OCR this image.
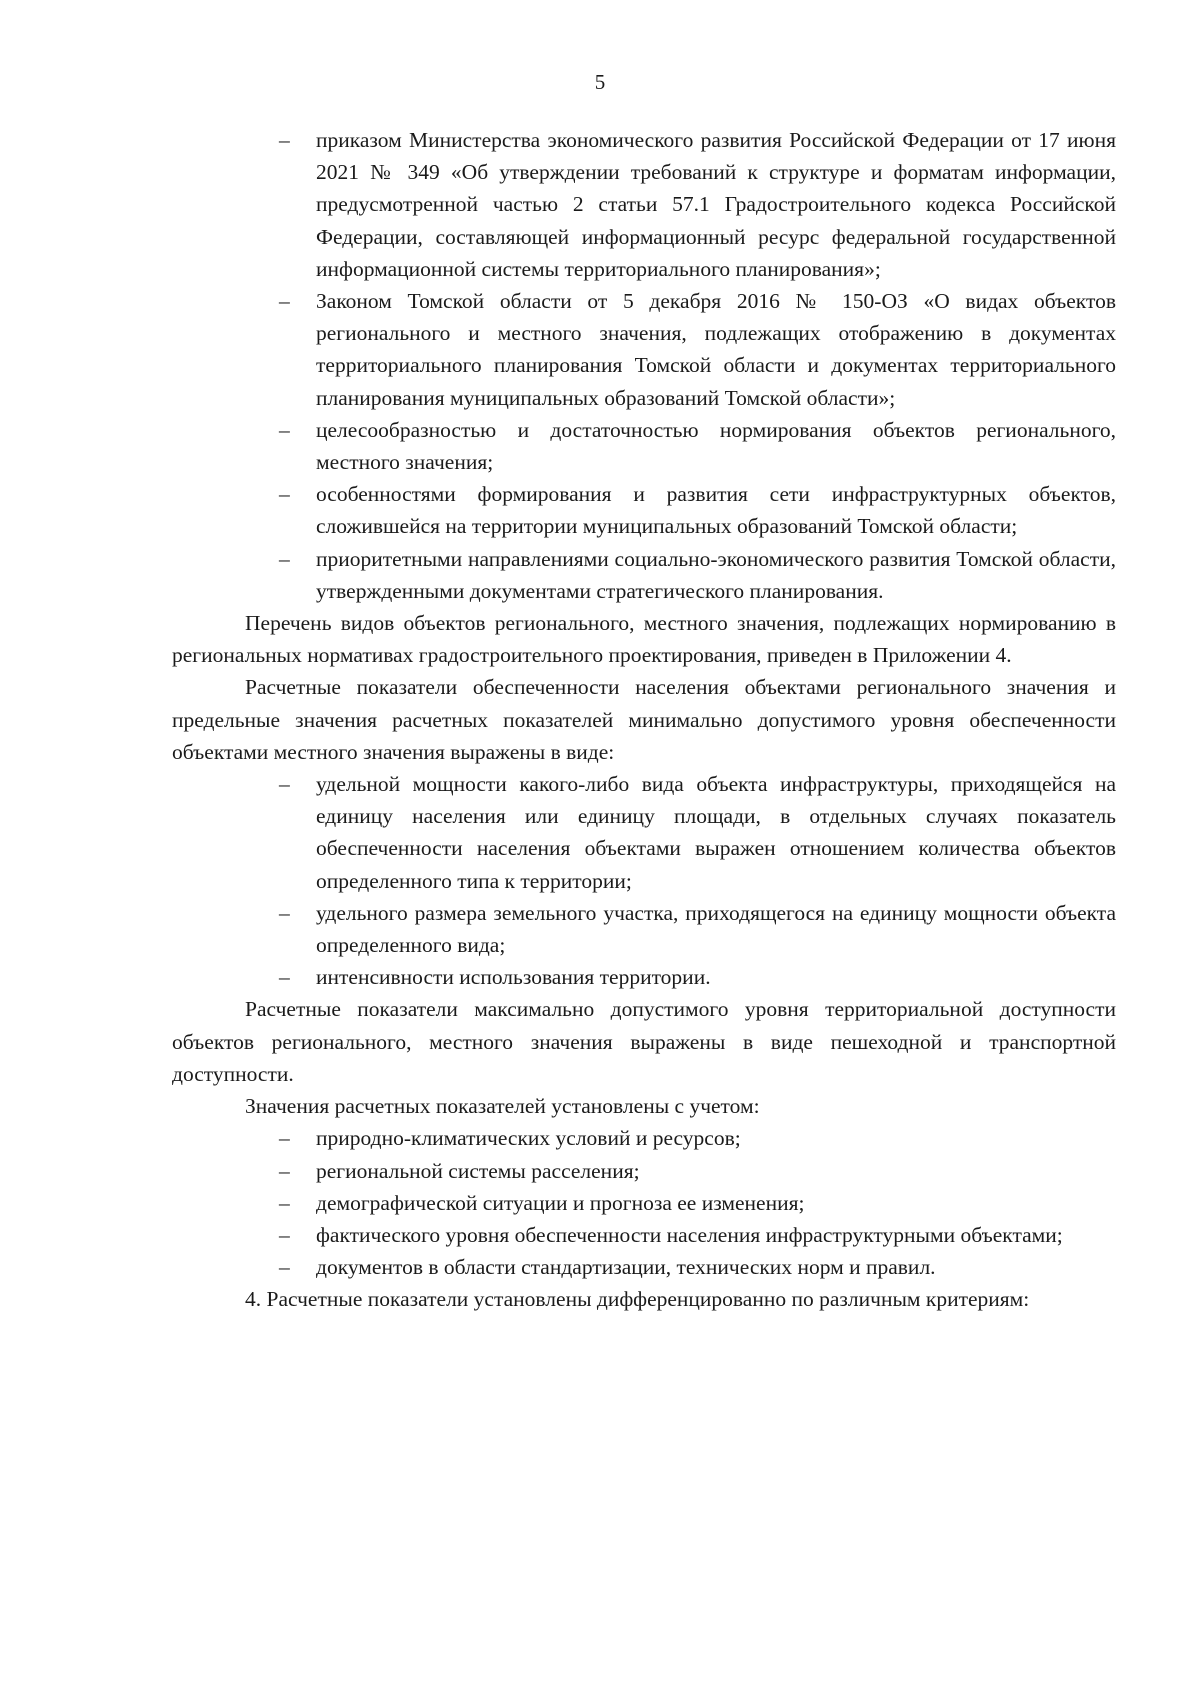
5
– приказом Министерства экономического развития Российской Федерации от 17 июня 2021 № 349 «Об утверждении требований к структуре и форматам информации, предусмотренной частью 2 статьи 57.1 Градостроительного кодекса Российской Федерации, составляющей информационный ресурс федеральной государственной информационной системы территориального планирования»;
– Законом Томской области от 5 декабря 2016 № 150-ОЗ «О видах объектов регионального и местного значения, подлежащих отображению в документах территориального планирования Томской области и документах территориального планирования муниципальных образований Томской области»;
– целесообразностью и достаточностью нормирования объектов регионального, местного значения;
– особенностями формирования и развития сети инфраструктурных объектов, сложившейся на территории муниципальных образований Томской области;
– приоритетными направлениями социально-экономического развития Томской области, утвержденными документами стратегического планирования.

Перечень видов объектов регионального, местного значения, подлежащих нормированию в региональных нормативах градостроительного проектирования, приведен в Приложении 4.

Расчетные показатели обеспеченности населения объектами регионального значения и предельные значения расчетных показателей минимально допустимого уровня обеспеченности объектами местного значения выражены в виде:

– удельной мощности какого-либо вида объекта инфраструктуры, приходящейся на единицу населения или единицу площади, в отдельных случаях показатель обеспеченности населения объектами выражен отношением количества объектов определенного типа к территории;
– удельного размера земельного участка, приходящегося на единицу мощности объекта определенного вида;
– интенсивности использования территории.

Расчетные показатели максимально допустимого уровня территориальной доступности объектов регионального, местного значения выражены в виде пешеходной и транспортной доступности.

Значения расчетных показателей установлены с учетом:

– природно-климатических условий и ресурсов;
– региональной системы расселения;
– демографической ситуации и прогноза ее изменения;
– фактического уровня обеспеченности населения инфраструктурными объектами;
– документов в области стандартизации, технических норм и правил.

4. Расчетные показатели установлены дифференцированно по различным критериям:
